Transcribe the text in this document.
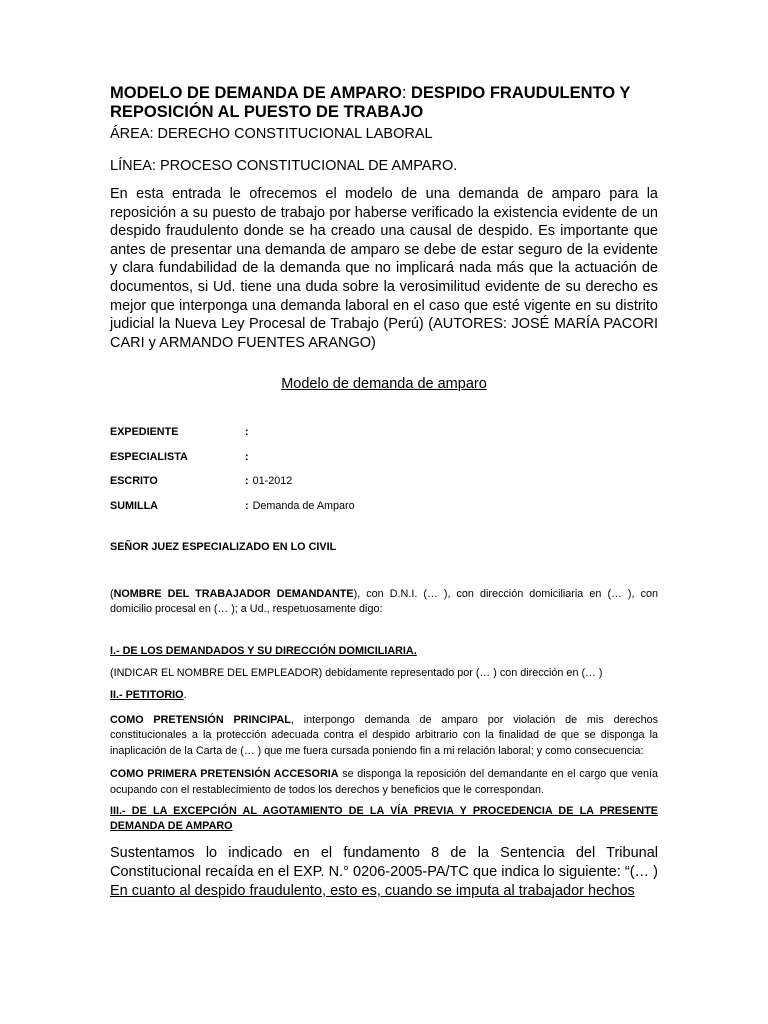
MODELO DE DEMANDA DE AMPARO: DESPIDO FRAUDULENTO Y REPOSICIÓN AL PUESTO DE TRABAJO

ÁREA: DERECHO CONSTITUCIONAL LABORAL

LÍNEA: PROCESO CONSTITUCIONAL DE AMPARO.

En esta entrada le ofrecemos el modelo de una demanda de amparo para la reposición a su puesto de trabajo por haberse verificado la existencia evidente de un despido fraudulento donde se ha creado una causal de despido. Es importante que antes de presentar una demanda de amparo se debe de estar seguro de la evidente y clara fundabilidad de la demanda que no implicará nada más que la actuación de documentos, si Ud. tiene una duda sobre la verosimilitud evidente de su derecho es mejor que interponga una demanda laboral en el caso que esté vigente en su distrito judicial la Nueva Ley Procesal de Trabajo (Perú) (AUTORES: JOSÉ MARÍA PACORI CARI y ARMANDO FUENTES ARANGO)

Modelo de demanda de amparo

EXPEDIENTE	:
ESPECIALISTA	:
ESCRITO	: 01-2012
SUMILLA	: Demanda de Amparo

SEÑOR JUEZ ESPECIALIZADO EN LO CIVIL

(NOMBRE DEL TRABAJADOR DEMANDANTE), con D.N.I. (… ), con dirección domiciliaria en (… ), con domicilio procesal en (… ); a Ud., respetuosamente digo:

I.- DE LOS DEMANDADOS Y SU DIRECCIÓN DOMICILIARIA.

(INDICAR EL NOMBRE DEL EMPLEADOR) debidamente representado por (… ) con dirección en (… )

II.- PETITORIO.

COMO PRETENSIÓN PRINCIPAL, interpongo demanda de amparo por violación de mis derechos constitucionales a la protección adecuada contra el despido arbitrario con la finalidad de que se disponga la inaplicación de la Carta de (… ) que me fuera cursada poniendo fin a mi relación laboral; y como consecuencia:

COMO PRIMERA PRETENSIÓN ACCESORIA se disponga la reposición del demandante en el cargo que venía ocupando con el restablecimiento de todos los derechos y beneficios que le correspondan.

III.- DE LA EXCEPCIÓN AL AGOTAMIENTO DE LA VÍA PREVIA Y PROCEDENCIA DE LA PRESENTE DEMANDA DE AMPARO

Sustentamos lo indicado en el fundamento 8 de la Sentencia del Tribunal Constitucional recaída en el EXP. N.° 0206-2005-PA/TC que indica lo siguiente: “(… ) En cuanto al despido fraudulento, esto es, cuando se imputa al trabajador hechos
